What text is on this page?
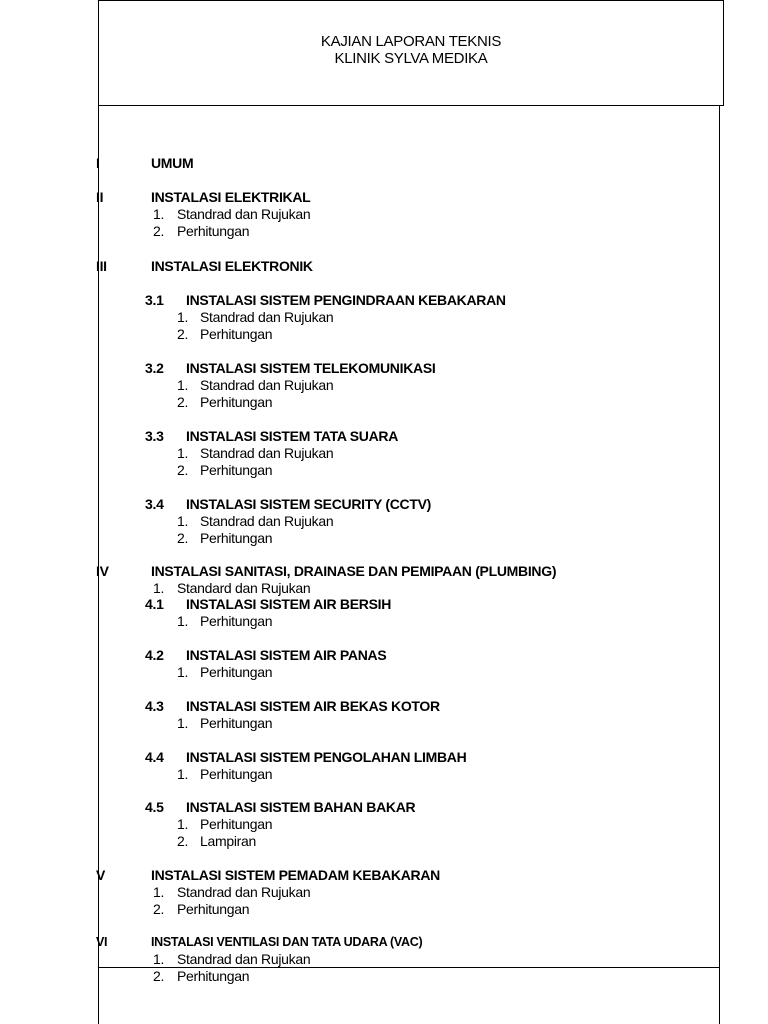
KAJIAN LAPORAN TEKNIS
KLINIK SYLVA MEDIKA
I	UMUM
II	INSTALASI ELEKTRIKAL
1. Standrad dan Rujukan
2. Perhitungan
III	INSTALASI ELEKTRONIK
3.1 INSTALASI SISTEM PENGINDRAAN KEBAKARAN
1. Standrad dan Rujukan
2. Perhitungan
3.2 INSTALASI SISTEM TELEKOMUNIKASI
1. Standrad dan Rujukan
2. Perhitungan
3.3 INSTALASI SISTEM TATA SUARA
1. Standrad dan Rujukan
2. Perhitungan
3.4 INSTALASI SISTEM SECURITY (CCTV)
1. Standrad dan Rujukan
2. Perhitungan
IV	INSTALASI SANITASI, DRAINASE DAN PEMIPAAN (PLUMBING)
1. Standard dan Rujukan
4.1 INSTALASI SISTEM AIR BERSIH
1. Perhitungan
4.2 INSTALASI SISTEM AIR PANAS
1. Perhitungan
4.3 INSTALASI SISTEM AIR BEKAS KOTOR
1. Perhitungan
4.4 INSTALASI SISTEM PENGOLAHAN LIMBAH
1. Perhitungan
4.5 INSTALASI SISTEM BAHAN BAKAR
1. Perhitungan
2. Lampiran
V	INSTALASI SISTEM PEMADAM KEBAKARAN
1. Standrad dan Rujukan
2. Perhitungan
VI	INSTALASI VENTILASI DAN TATA UDARA (VAC)
1. Standrad dan Rujukan
2. Perhitungan
